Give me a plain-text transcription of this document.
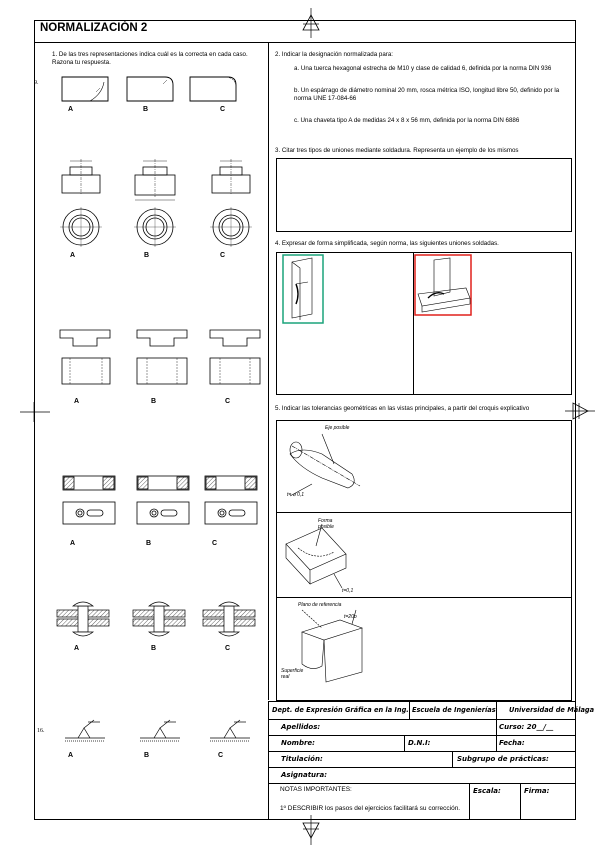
NORMALIZACIÓN 2
1. De las tres representaciones indica cuál es la correcta en cada caso. Razona tu respuesta.
9.
A	B	C
A	B	C
A	B	C
A	B	C
A	B	C
16.
A	B	C
2. Indicar la designación normalizada para:
a. Una tuerca hexagonal estrecha de M10 y clase de calidad 6, definida por la norma DIN 936
b. Un espárrago de diámetro nominal 20 mm, rosca métrica ISO, longitud libre 50, definido por la norma UNE 17-084-66
c. Una chaveta tipo A de medidas 24 x 8 x 56 mm, definida por la norma DIN 6886
3. Citar tres tipos de uniones mediante soldadura. Representa un ejemplo de los mismos
4. Expresar de forma simplificada, según norma, las siguientes uniones soldadas.
5. Indicar las tolerancias geométricas en las vistas principales, a partir del croquis explicativo
Eje posible
t= ⌀ 0,1
Forma posible
t=0,1
Plano de referencia
t=20b
Superficie real
Dept. de Expresión Gráfica en la Ing. Escuela de Ingenierías Universidad de Málaga
Apellidos:	Curso: 20__/__
Nombre:	D.N.I:	Fecha:
Titulación:	Subgrupo de prácticas:
Asignatura:
NOTAS IMPORTANTES:
1º DESCRIBIR los pasos del ejercicios facilitará su corrección.
Escala:	Firma:
